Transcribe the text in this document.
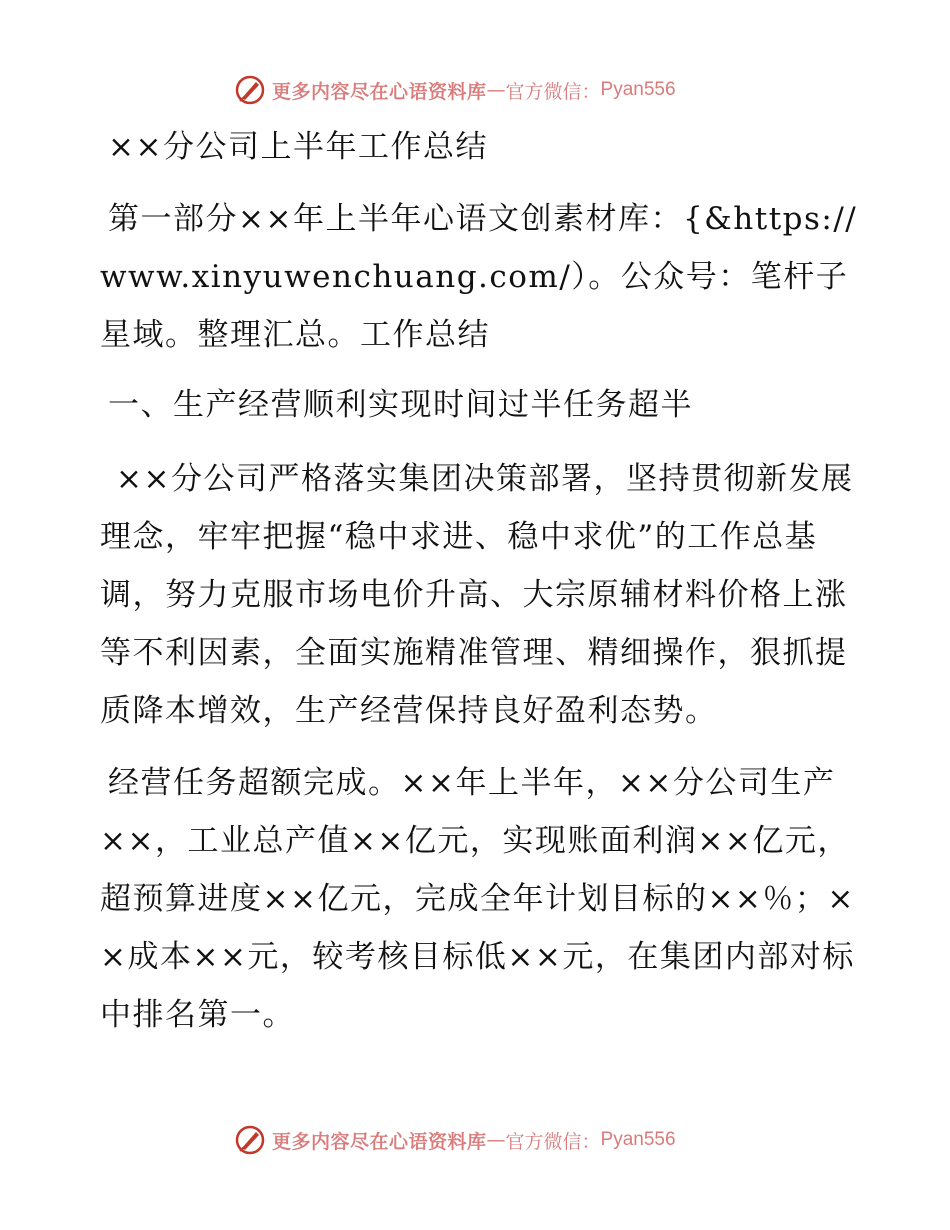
更多内容尽在心语资料库 — 官方微信： Pyan556

××分公司上半年工作总结

第一部分××年上半年心语文创素材库：{&https://www.xinyuwenchuang.com/）。公众号：笔杆子星域。整理汇总。工作总结

一、生产经营顺利实现时间过半任务超半

××分公司严格落实集团决策部署，坚持贯彻新发展理念，牢牢把握“稳中求进、稳中求优”的工作总基调，努力克服市场电价升高、大宗原辅材料价格上涨等不利因素，全面实施精准管理、精细操作，狠抓提质降本增效，生产经营保持良好盈利态势。

经营任务超额完成。××年上半年，××分公司生产××，工业总产值××亿元，实现账面利润××亿元，超预算进度××亿元，完成全年计划目标的××％；××成本××元，较考核目标低××元，在集团内部对标中排名第一。

更多内容尽在心语资料库 — 官方微信： Pyan556
